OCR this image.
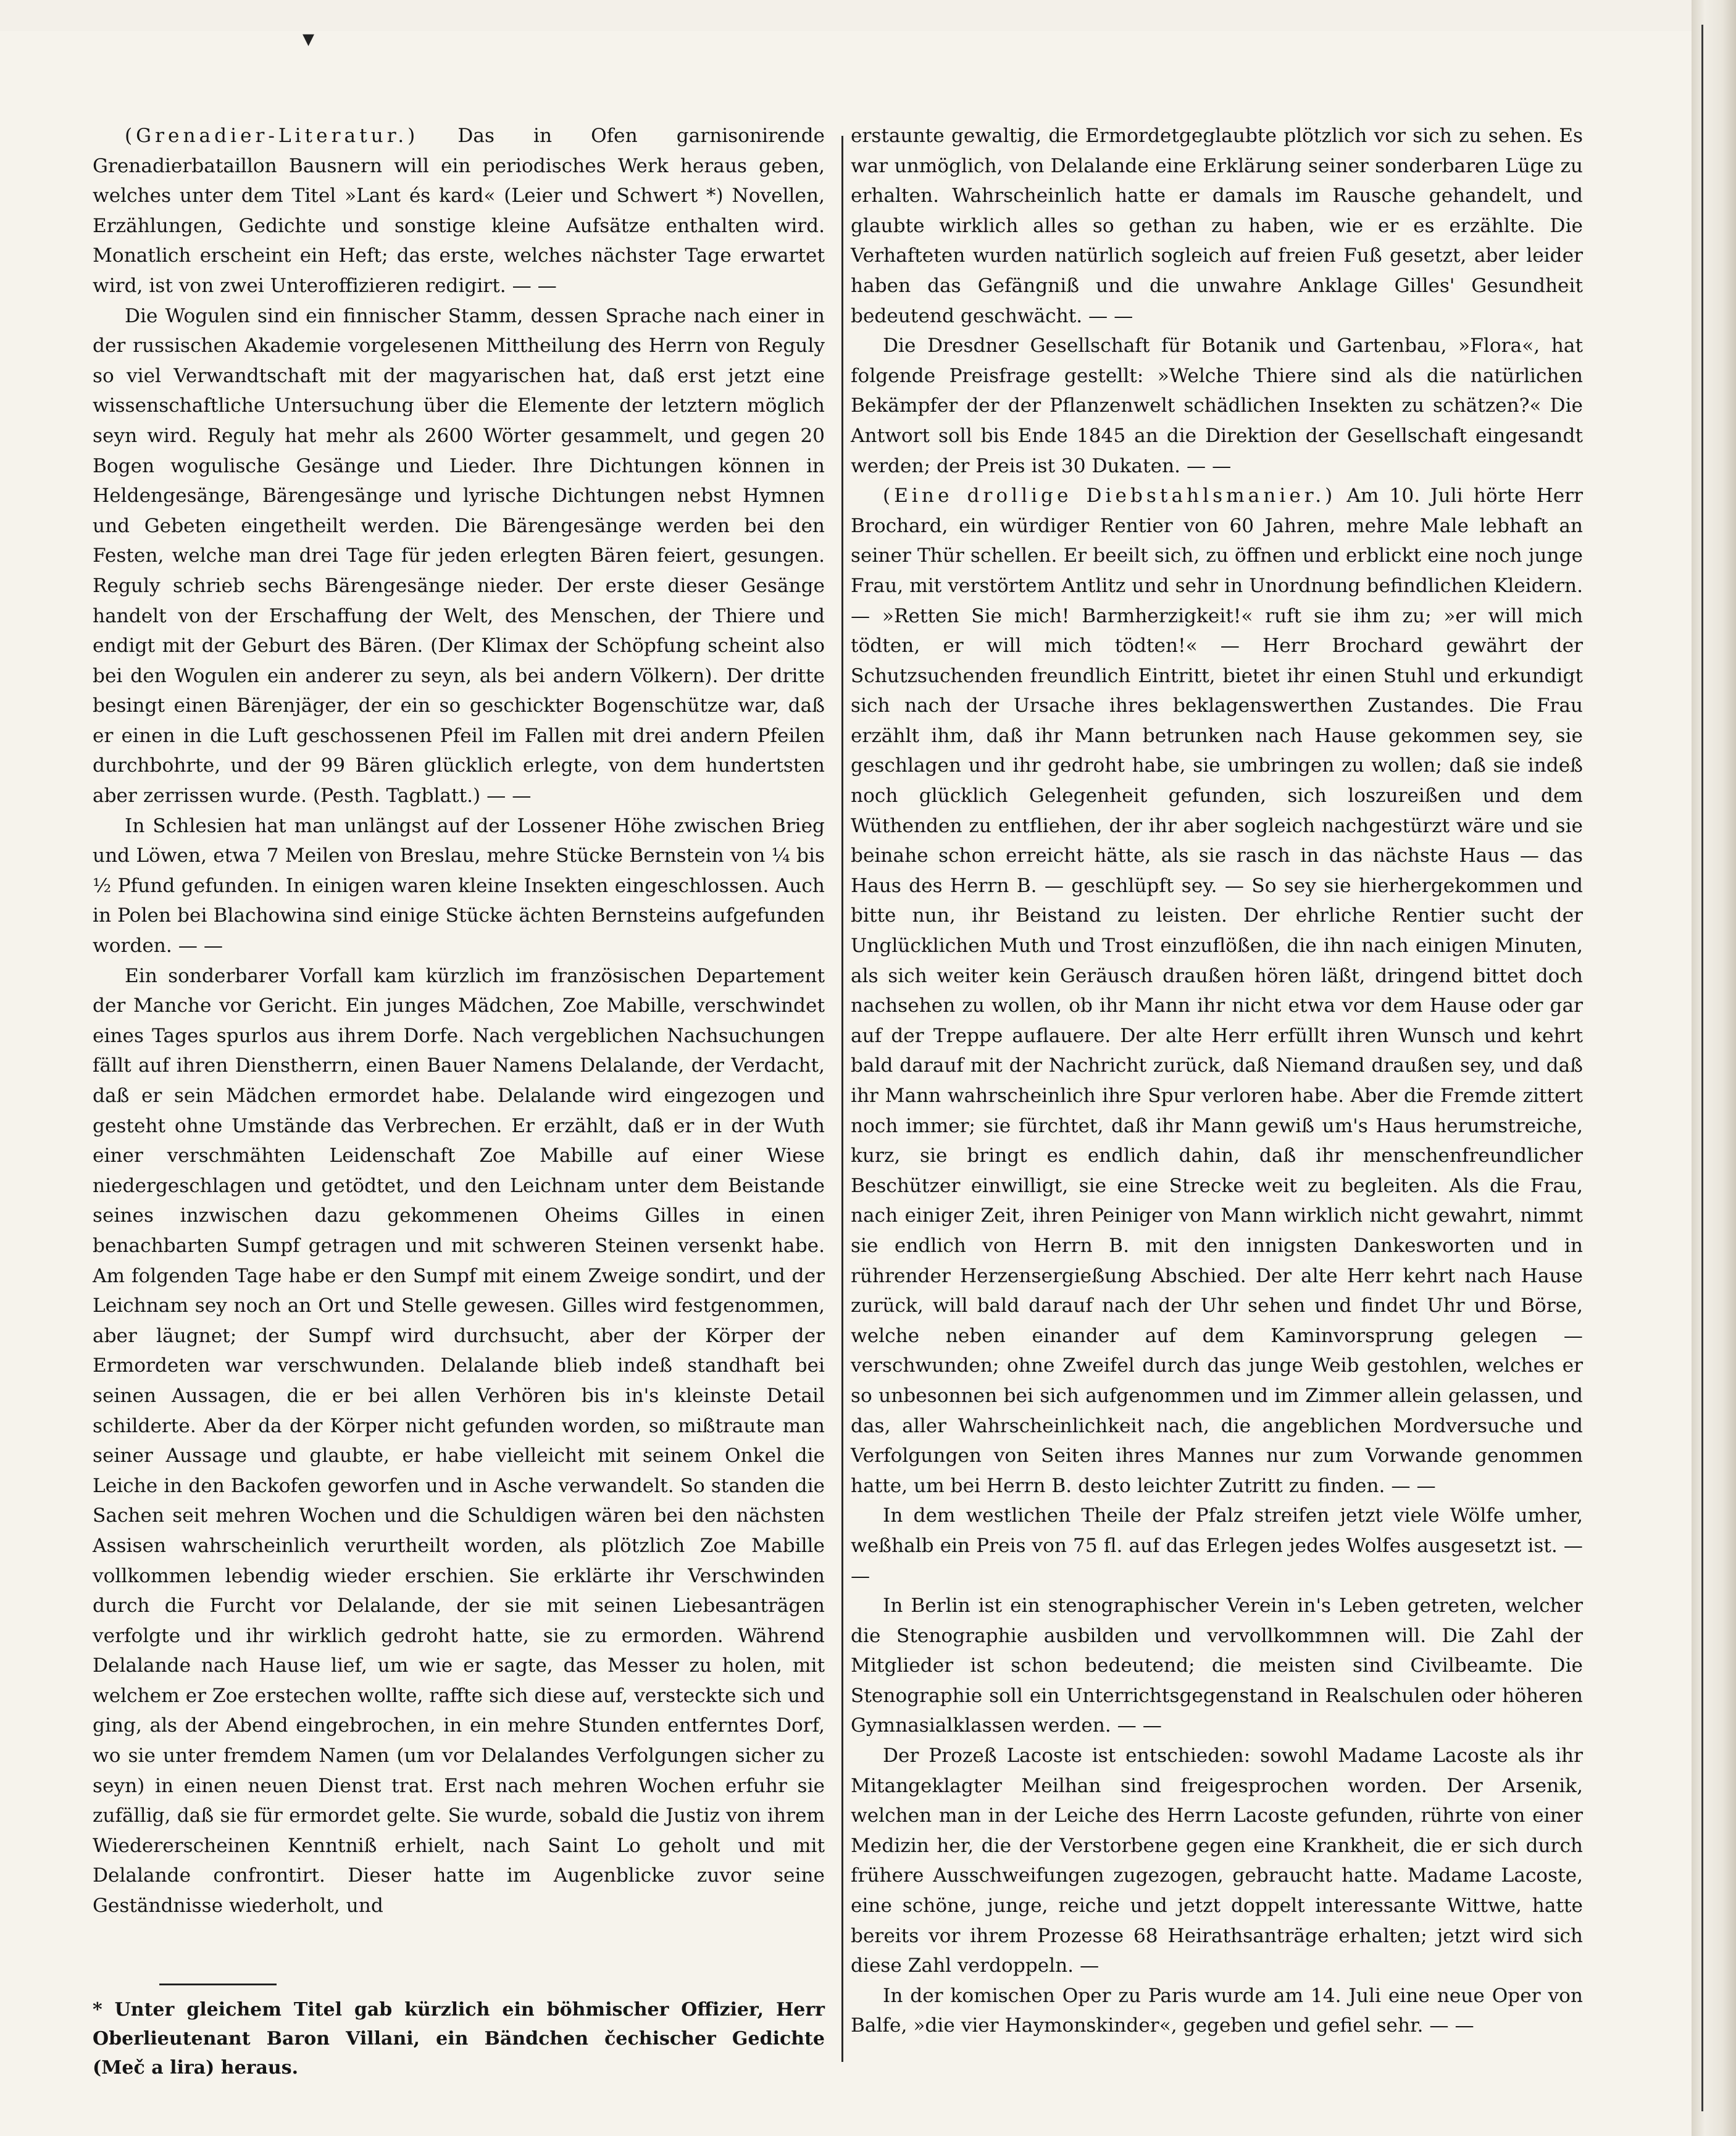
▾

(Grenadier-Literatur.) Das in Ofen garnisonirende Grenadierbataillon Bausnern will ein periodisches Werk heraus geben, welches unter dem Titel »Lant és kard« (Leier und Schwert *) Novellen, Erzählungen, Gedichte und sonstige kleine Aufsätze enthalten wird. Monatlich erscheint ein Heft; das erste, welches nächster Tage erwartet wird, ist von zwei Unteroffizieren redigirt. — —

Die Wogulen sind ein finnischer Stamm, dessen Sprache nach einer in der russischen Akademie vorgelesenen Mittheilung des Herrn von Reguly so viel Verwandtschaft mit der magyarischen hat, daß erst jetzt eine wissenschaftliche Untersuchung über die Elemente der letztern möglich seyn wird. Reguly hat mehr als 2600 Wörter gesammelt, und gegen 20 Bogen wogulische Gesänge und Lieder. Ihre Dichtungen können in Heldengesänge, Bärengesänge und lyrische Dichtungen nebst Hymnen und Gebeten eingetheilt werden. Die Bärengesänge werden bei den Festen, welche man drei Tage für jeden erlegten Bären feiert, gesungen. Reguly schrieb sechs Bärengesänge nieder. Der erste dieser Gesänge handelt von der Erschaffung der Welt, des Menschen, der Thiere und endigt mit der Geburt des Bären. (Der Klimax der Schöpfung scheint also bei den Wogulen ein anderer zu seyn, als bei andern Völkern). Der dritte besingt einen Bärenjäger, der ein so geschickter Bogenschütze war, daß er einen in die Luft geschossenen Pfeil im Fallen mit drei andern Pfeilen durchbohrte, und der 99 Bären glücklich erlegte, von dem hundertsten aber zerrissen wurde. (Pesth. Tagblatt.) — —

In Schlesien hat man unlängst auf der Lossener Höhe zwischen Brieg und Löwen, etwa 7 Meilen von Breslau, mehre Stücke Bernstein von ¼ bis ½ Pfund gefunden. In einigen waren kleine Insekten eingeschlossen. Auch in Polen bei Blachowina sind einige Stücke ächten Bernsteins aufgefunden worden. — —

Ein sonderbarer Vorfall kam kürzlich im französischen Departement der Manche vor Gericht. Ein junges Mädchen, Zoe Mabille, verschwindet eines Tages spurlos aus ihrem Dorfe. Nach vergeblichen Nachsuchungen fällt auf ihren Dienstherrn, einen Bauer Namens Delalande, der Verdacht, daß er sein Mädchen ermordet habe. Delalande wird eingezogen und gesteht ohne Umstände das Verbrechen. Er erzählt, daß er in der Wuth einer verschmähten Leidenschaft Zoe Mabille auf einer Wiese niedergeschlagen und getödtet, und den Leichnam unter dem Beistande seines inzwischen dazu gekommenen Oheims Gilles in einen benachbarten Sumpf getragen und mit schweren Steinen versenkt habe. Am folgenden Tage habe er den Sumpf mit einem Zweige sondirt, und der Leichnam sey noch an Ort und Stelle gewesen. Gilles wird festgenommen, aber läugnet; der Sumpf wird durchsucht, aber der Körper der Ermordeten war verschwunden. Delalande blieb indeß standhaft bei seinen Aussagen, die er bei allen Verhören bis in's kleinste Detail schilderte. Aber da der Körper nicht gefunden worden, so mißtraute man seiner Aussage und glaubte, er habe vielleicht mit seinem Onkel die Leiche in den Backofen geworfen und in Asche verwandelt. So standen die Sachen seit mehren Wochen und die Schuldigen wären bei den nächsten Assisen wahrscheinlich verurtheilt worden, als plötzlich Zoe Mabille vollkommen lebendig wieder erschien. Sie erklärte ihr Verschwinden durch die Furcht vor Delalande, der sie mit seinen Liebesanträgen verfolgte und ihr wirklich gedroht hatte, sie zu ermorden. Während Delalande nach Hause lief, um wie er sagte, das Messer zu holen, mit welchem er Zoe erstechen wollte, raffte sich diese auf, versteckte sich und ging, als der Abend eingebrochen, in ein mehre Stunden entferntes Dorf, wo sie unter fremdem Namen (um vor Delalandes Verfolgungen sicher zu seyn) in einen neuen Dienst trat. Erst nach mehren Wochen erfuhr sie zufällig, daß sie für ermordet gelte. Sie wurde, sobald die Justiz von ihrem Wiedererscheinen Kenntniß erhielt, nach Saint Lo geholt und mit Delalande confrontirt. Dieser hatte im Augenblicke zuvor seine Geständnisse wiederholt, und

* Unter gleichem Titel gab kürzlich ein böhmischer Offizier, Herr Oberlieutenant Baron Villani, ein Bändchen čechischer Gedichte (Meč a lira) heraus.

erstaunte gewaltig, die Ermordetgeglaubte plötzlich vor sich zu sehen. Es war unmöglich, von Delalande eine Erklärung seiner sonderbaren Lüge zu erhalten. Wahrscheinlich hatte er damals im Rausche gehandelt, und glaubte wirklich alles so gethan zu haben, wie er es erzählte. Die Verhafteten wurden natürlich sogleich auf freien Fuß gesetzt, aber leider haben das Gefängniß und die unwahre Anklage Gilles' Gesundheit bedeutend geschwächt. — —

Die Dresdner Gesellschaft für Botanik und Gartenbau, »Flora«, hat folgende Preisfrage gestellt: »Welche Thiere sind als die natürlichen Bekämpfer der der Pflanzenwelt schädlichen Insekten zu schätzen?« Die Antwort soll bis Ende 1845 an die Direktion der Gesellschaft eingesandt werden; der Preis ist 30 Dukaten. — —

(Eine drollige Diebstahlsmanier.) Am 10. Juli hörte Herr Brochard, ein würdiger Rentier von 60 Jahren, mehre Male lebhaft an seiner Thür schellen. Er beeilt sich, zu öffnen und erblickt eine noch junge Frau, mit verstörtem Antlitz und sehr in Unordnung befindlichen Kleidern. — »Retten Sie mich! Barmherzigkeit!« ruft sie ihm zu; »er will mich tödten, er will mich tödten!« — Herr Brochard gewährt der Schutzsuchenden freundlich Eintritt, bietet ihr einen Stuhl und erkundigt sich nach der Ursache ihres beklagenswerthen Zustandes. Die Frau erzählt ihm, daß ihr Mann betrunken nach Hause gekommen sey, sie geschlagen und ihr gedroht habe, sie umbringen zu wollen; daß sie indeß noch glücklich Gelegenheit gefunden, sich loszureißen und dem Wüthenden zu entfliehen, der ihr aber sogleich nachgestürzt wäre und sie beinahe schon erreicht hätte, als sie rasch in das nächste Haus — das Haus des Herrn B. — geschlüpft sey. — So sey sie hierhergekommen und bitte nun, ihr Beistand zu leisten. Der ehrliche Rentier sucht der Unglücklichen Muth und Trost einzuflößen, die ihn nach einigen Minuten, als sich weiter kein Geräusch draußen hören läßt, dringend bittet doch nachsehen zu wollen, ob ihr Mann ihr nicht etwa vor dem Hause oder gar auf der Treppe auflauere. Der alte Herr erfüllt ihren Wunsch und kehrt bald darauf mit der Nachricht zurück, daß Niemand draußen sey, und daß ihr Mann wahrscheinlich ihre Spur verloren habe. Aber die Fremde zittert noch immer; sie fürchtet, daß ihr Mann gewiß um's Haus herumstreiche, kurz, sie bringt es endlich dahin, daß ihr menschenfreundlicher Beschützer einwilligt, sie eine Strecke weit zu begleiten. Als die Frau, nach einiger Zeit, ihren Peiniger von Mann wirklich nicht gewahrt, nimmt sie endlich von Herrn B. mit den innigsten Dankesworten und in rührender Herzensergießung Abschied. Der alte Herr kehrt nach Hause zurück, will bald darauf nach der Uhr sehen und findet Uhr und Börse, welche neben einander auf dem Kaminvorsprung gelegen — verschwunden; ohne Zweifel durch das junge Weib gestohlen, welches er so unbesonnen bei sich aufgenommen und im Zimmer allein gelassen, und das, aller Wahrscheinlichkeit nach, die angeblichen Mordversuche und Verfolgungen von Seiten ihres Mannes nur zum Vorwande genommen hatte, um bei Herrn B. desto leichter Zutritt zu finden. — —

In dem westlichen Theile der Pfalz streifen jetzt viele Wölfe umher, weßhalb ein Preis von 75 fl. auf das Erlegen jedes Wolfes ausgesetzt ist. — —

In Berlin ist ein stenographischer Verein in's Leben getreten, welcher die Stenographie ausbilden und vervollkommnen will. Die Zahl der Mitglieder ist schon bedeutend; die meisten sind Civilbeamte. Die Stenographie soll ein Unterrichtsgegenstand in Realschulen oder höheren Gymnasialklassen werden. — —

Der Prozeß Lacoste ist entschieden: sowohl Madame Lacoste als ihr Mitangeklagter Meilhan sind freigesprochen worden. Der Arsenik, welchen man in der Leiche des Herrn Lacoste gefunden, rührte von einer Medizin her, die der Verstorbene gegen eine Krankheit, die er sich durch frühere Ausschweifungen zugezogen, gebraucht hatte. Madame Lacoste, eine schöne, junge, reiche und jetzt doppelt interessante Wittwe, hatte bereits vor ihrem Prozesse 68 Heirathsanträge erhalten; jetzt wird sich diese Zahl verdoppeln. —

In der komischen Oper zu Paris wurde am 14. Juli eine neue Oper von Balfe, »die vier Haymonskinder«, gegeben und gefiel sehr. — —
